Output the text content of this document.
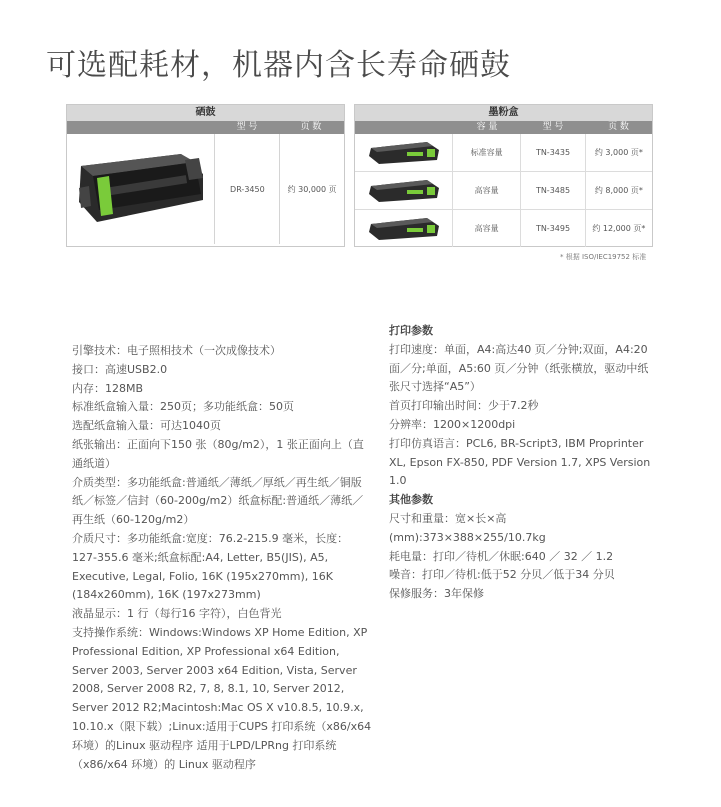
可选配耗材，机器内含长寿命硒鼓
硒鼓
型 号	页 数
DR-3450	约 30,000 页
墨粉盒
容 量	型 号	页 数
标准容量	TN-3435	约 3,000 页*
高容量	TN-3485	约 8,000 页*
高容量	TN-3495	约 12,000 页*
* 根据 ISO/IEC19752 标准

引擎技术：电子照相技术（一次成像技术）

接口：高速USB2.0

内存：128MB

标准纸盒输入量：250页；多功能纸盒：50页

选配纸盒输入量：可达1040页

纸张输出：正面向下150 张（80g/m2），1 张正面向上（直通纸道）

介质类型：多功能纸盒:普通纸／薄纸／厚纸／再生纸／铜版纸／标签／信封（60-200g/m2）纸盒标配:普通纸／薄纸／再生纸（60-120g/m2）

介质尺寸：多功能纸盒:宽度：76.2-215.9 毫米，长度：127-355.6 毫米;纸盒标配:A4, Letter, B5(JIS), A5, Executive, Legal, Folio, 16K (195x270mm), 16K (184x260mm), 16K (197x273mm)

液晶显示：1 行（每行16 字符），白色背光

支持操作系统：Windows:Windows XP Home Edition, XP Professional Edition, XP Professional x64 Edition, Server 2003, Server 2003 x64 Edition, Vista, Server 2008, Server 2008 R2, 7, 8, 8.1, 10, Server 2012, Server 2012 R2;Macintosh:Mac OS X v10.8.5, 10.9.x, 10.10.x（限下载）;Linux:适用于CUPS 打印系统（x86/x64 环境）的Linux 驱动程序 适用于LPD/LPRng 打印系统（x86/x64 环境）的 Linux 驱动程序

打印参数

打印速度：单面，A4:高达40 页／分钟;双面，A4:20 面／分;单面，A5:60 页／分钟（纸张横放，驱动中纸张尺寸选择“A5”）

首页打印输出时间：少于7.2秒

分辨率：1200×1200dpi

打印仿真语言：PCL6, BR-Script3, IBM Proprinter XL, Epson FX-850, PDF Version 1.7, XPS Version 1.0

其他参数

尺寸和重量：宽×长×高(mm):373×388×255/10.7kg

耗电量：打印／待机／休眠:640 ／ 32 ／ 1.2

噪音：打印／待机:低于52 分贝／低于34 分贝

保修服务：3年保修
